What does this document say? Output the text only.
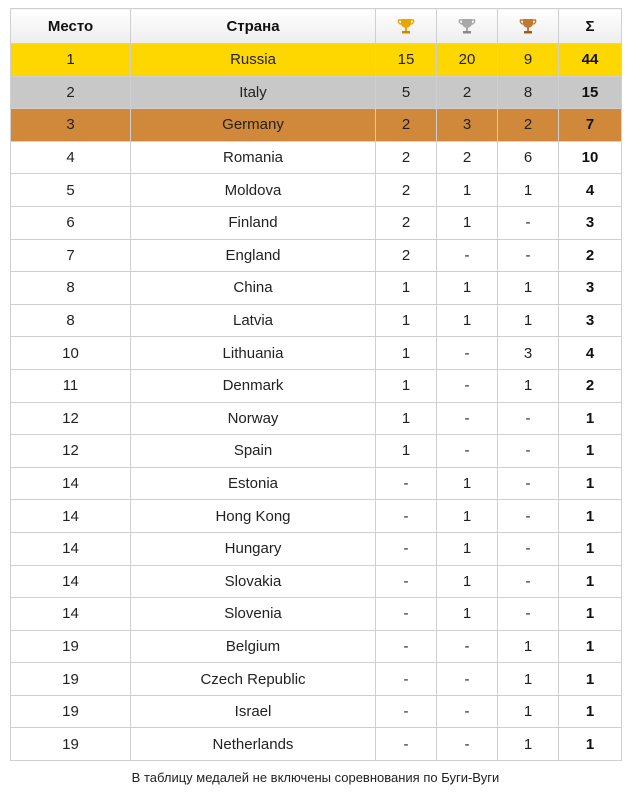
Место	Страна				Σ
1	Russia	15	20	9	44
2	Italy	5	2	8	15
3	Germany	2	3	2	7
4	Romania	2	2	6	10
5	Moldova	2	1	1	4
6	Finland	2	1	-	3
7	England	2	-	-	2
8	China	1	1	1	3
8	Latvia	1	1	1	3
10	Lithuania	1	-	3	4
11	Denmark	1	-	1	2
12	Norway	1	-	-	1
12	Spain	1	-	-	1
14	Estonia	-	1	-	1
14	Hong Kong	-	1	-	1
14	Hungary	-	1	-	1
14	Slovakia	-	1	-	1
14	Slovenia	-	1	-	1
19	Belgium	-	-	1	1
19	Czech Republic	-	-	1	1
19	Israel	-	-	1	1
19	Netherlands	-	-	1	1
В таблицу медалей не включены соревнования по Буги-Вуги
